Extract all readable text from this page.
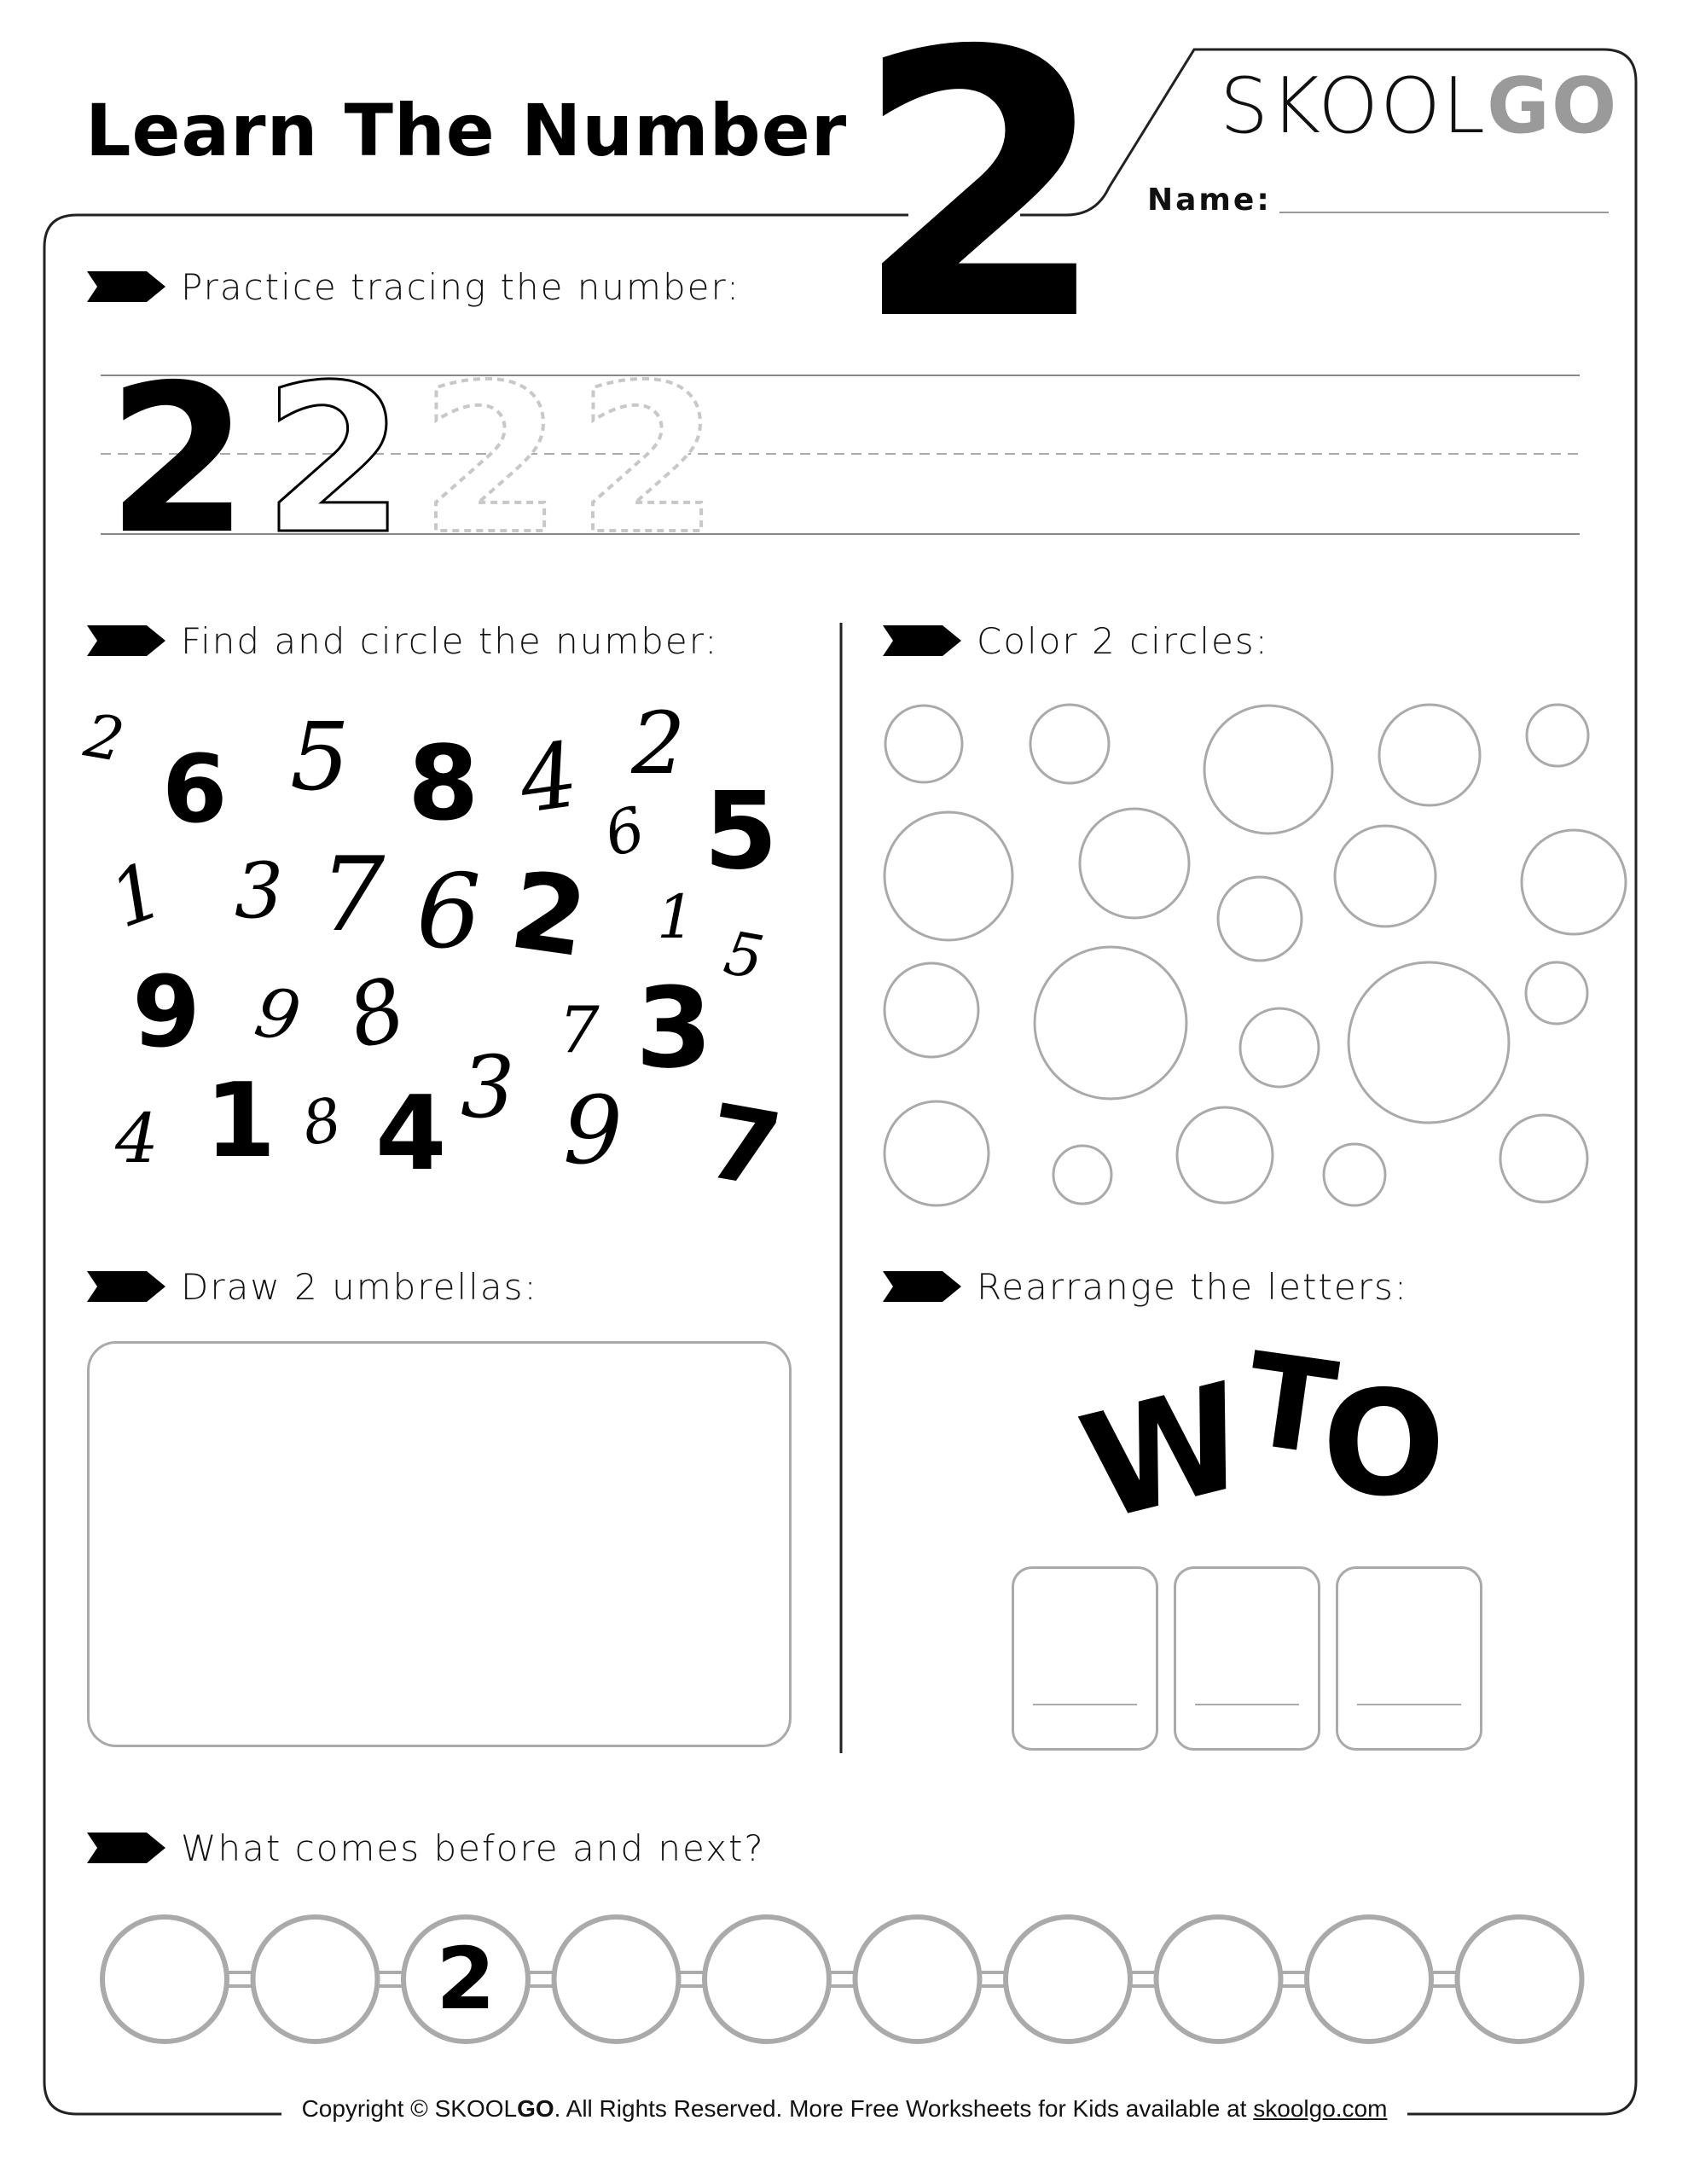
Learn The Number 2 SKOOLGO
Name:
Practice tracing the number:
2 2 2 2
Find and circle the number:
2 6 5 8 4 2
6 5
1 3 7 6 2 1
5
9 9 8 7 3
4 1 8 4 3 9 7
Color 2 circles:
Draw 2 umbrellas:	Rearrange the letters:
W
T
O
What comes before and next?
2
Copyright © SKOOLGO. All Rights Reserved. More Free Worksheets for Kids available at skoolgo.com
